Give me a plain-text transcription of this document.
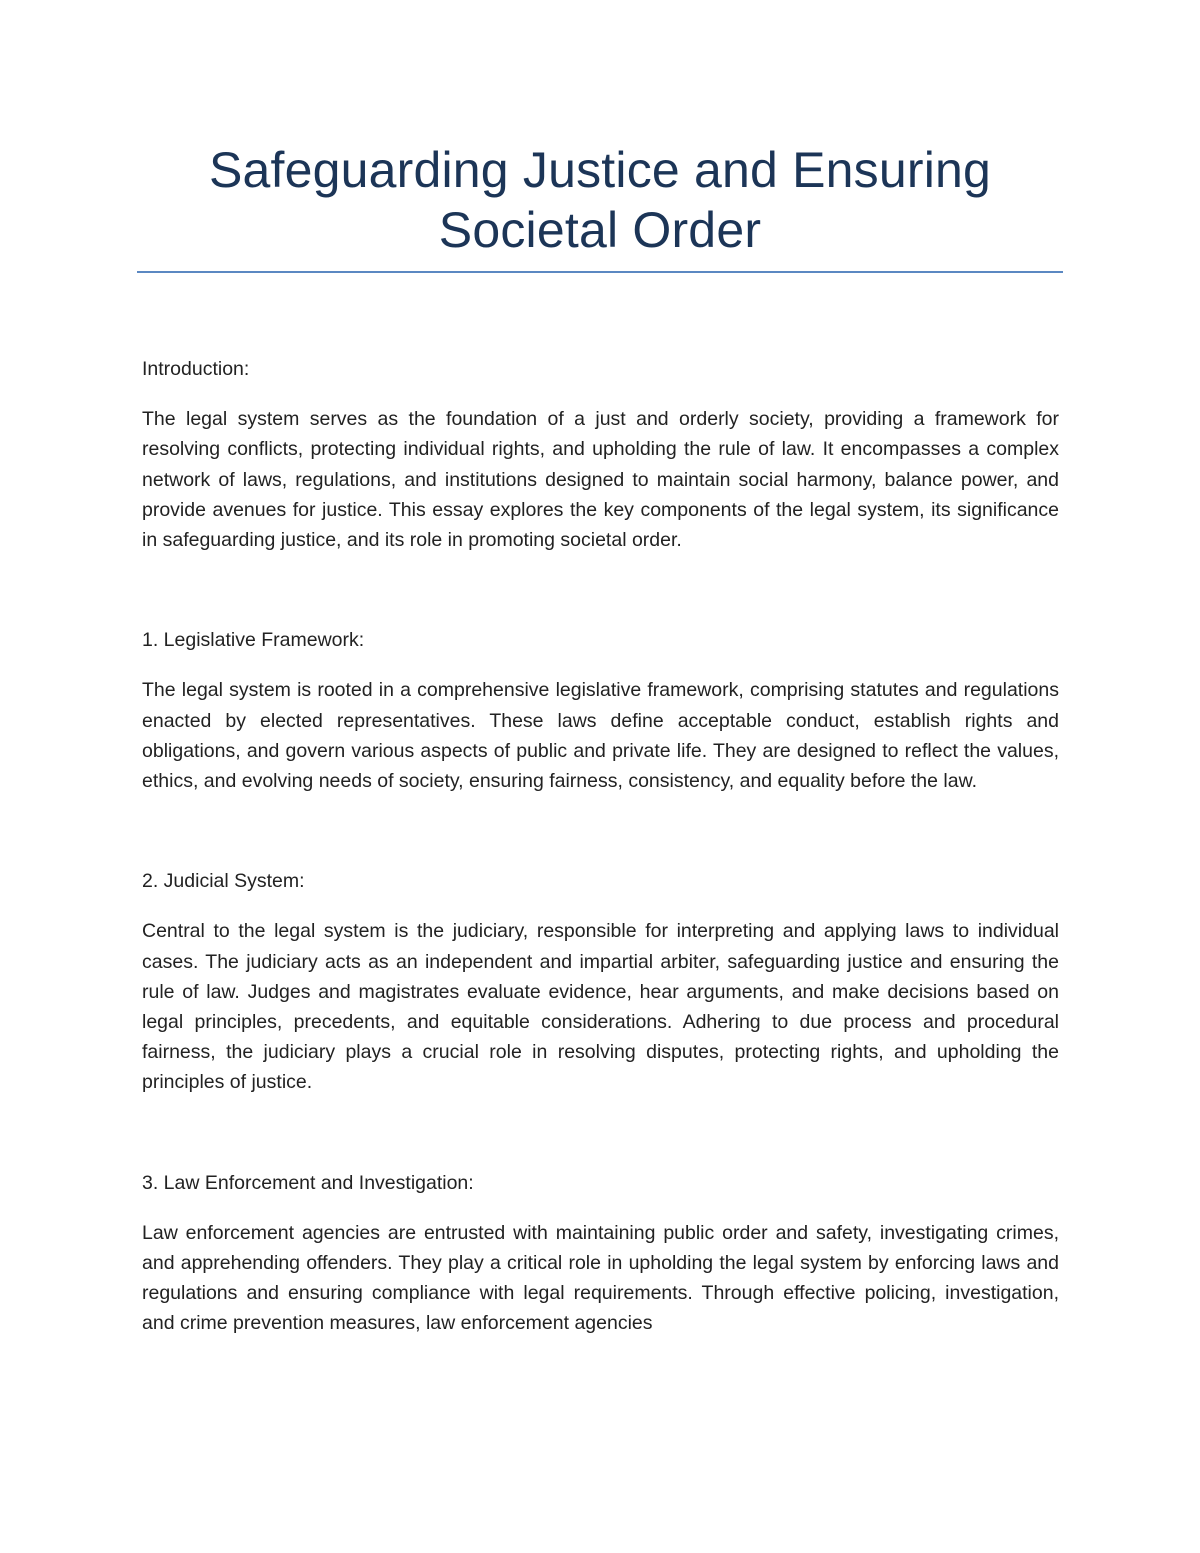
Safeguarding Justice and Ensuring Societal Order

Introduction:

The legal system serves as the foundation of a just and orderly society, providing a framework for resolving conflicts, protecting individual rights, and upholding the rule of law. It encompasses a complex network of laws, regulations, and institutions designed to maintain social harmony, balance power, and provide avenues for justice. This essay explores the key components of the legal system, its significance in safeguarding justice, and its role in promoting societal order.

1. Legislative Framework:

The legal system is rooted in a comprehensive legislative framework, comprising statutes and regulations enacted by elected representatives. These laws define acceptable conduct, establish rights and obligations, and govern various aspects of public and private life. They are designed to reflect the values, ethics, and evolving needs of society, ensuring fairness, consistency, and equality before the law.

2. Judicial System:

Central to the legal system is the judiciary, responsible for interpreting and applying laws to individual cases. The judiciary acts as an independent and impartial arbiter, safeguarding justice and ensuring the rule of law. Judges and magistrates evaluate evidence, hear arguments, and make decisions based on legal principles, precedents, and equitable considerations. Adhering to due process and procedural fairness, the judiciary plays a crucial role in resolving disputes, protecting rights, and upholding the principles of justice.

3. Law Enforcement and Investigation:

Law enforcement agencies are entrusted with maintaining public order and safety, investigating crimes, and apprehending offenders. They play a critical role in upholding the legal system by enforcing laws and regulations and ensuring compliance with legal requirements. Through effective policing, investigation, and crime prevention measures, law enforcement agencies
